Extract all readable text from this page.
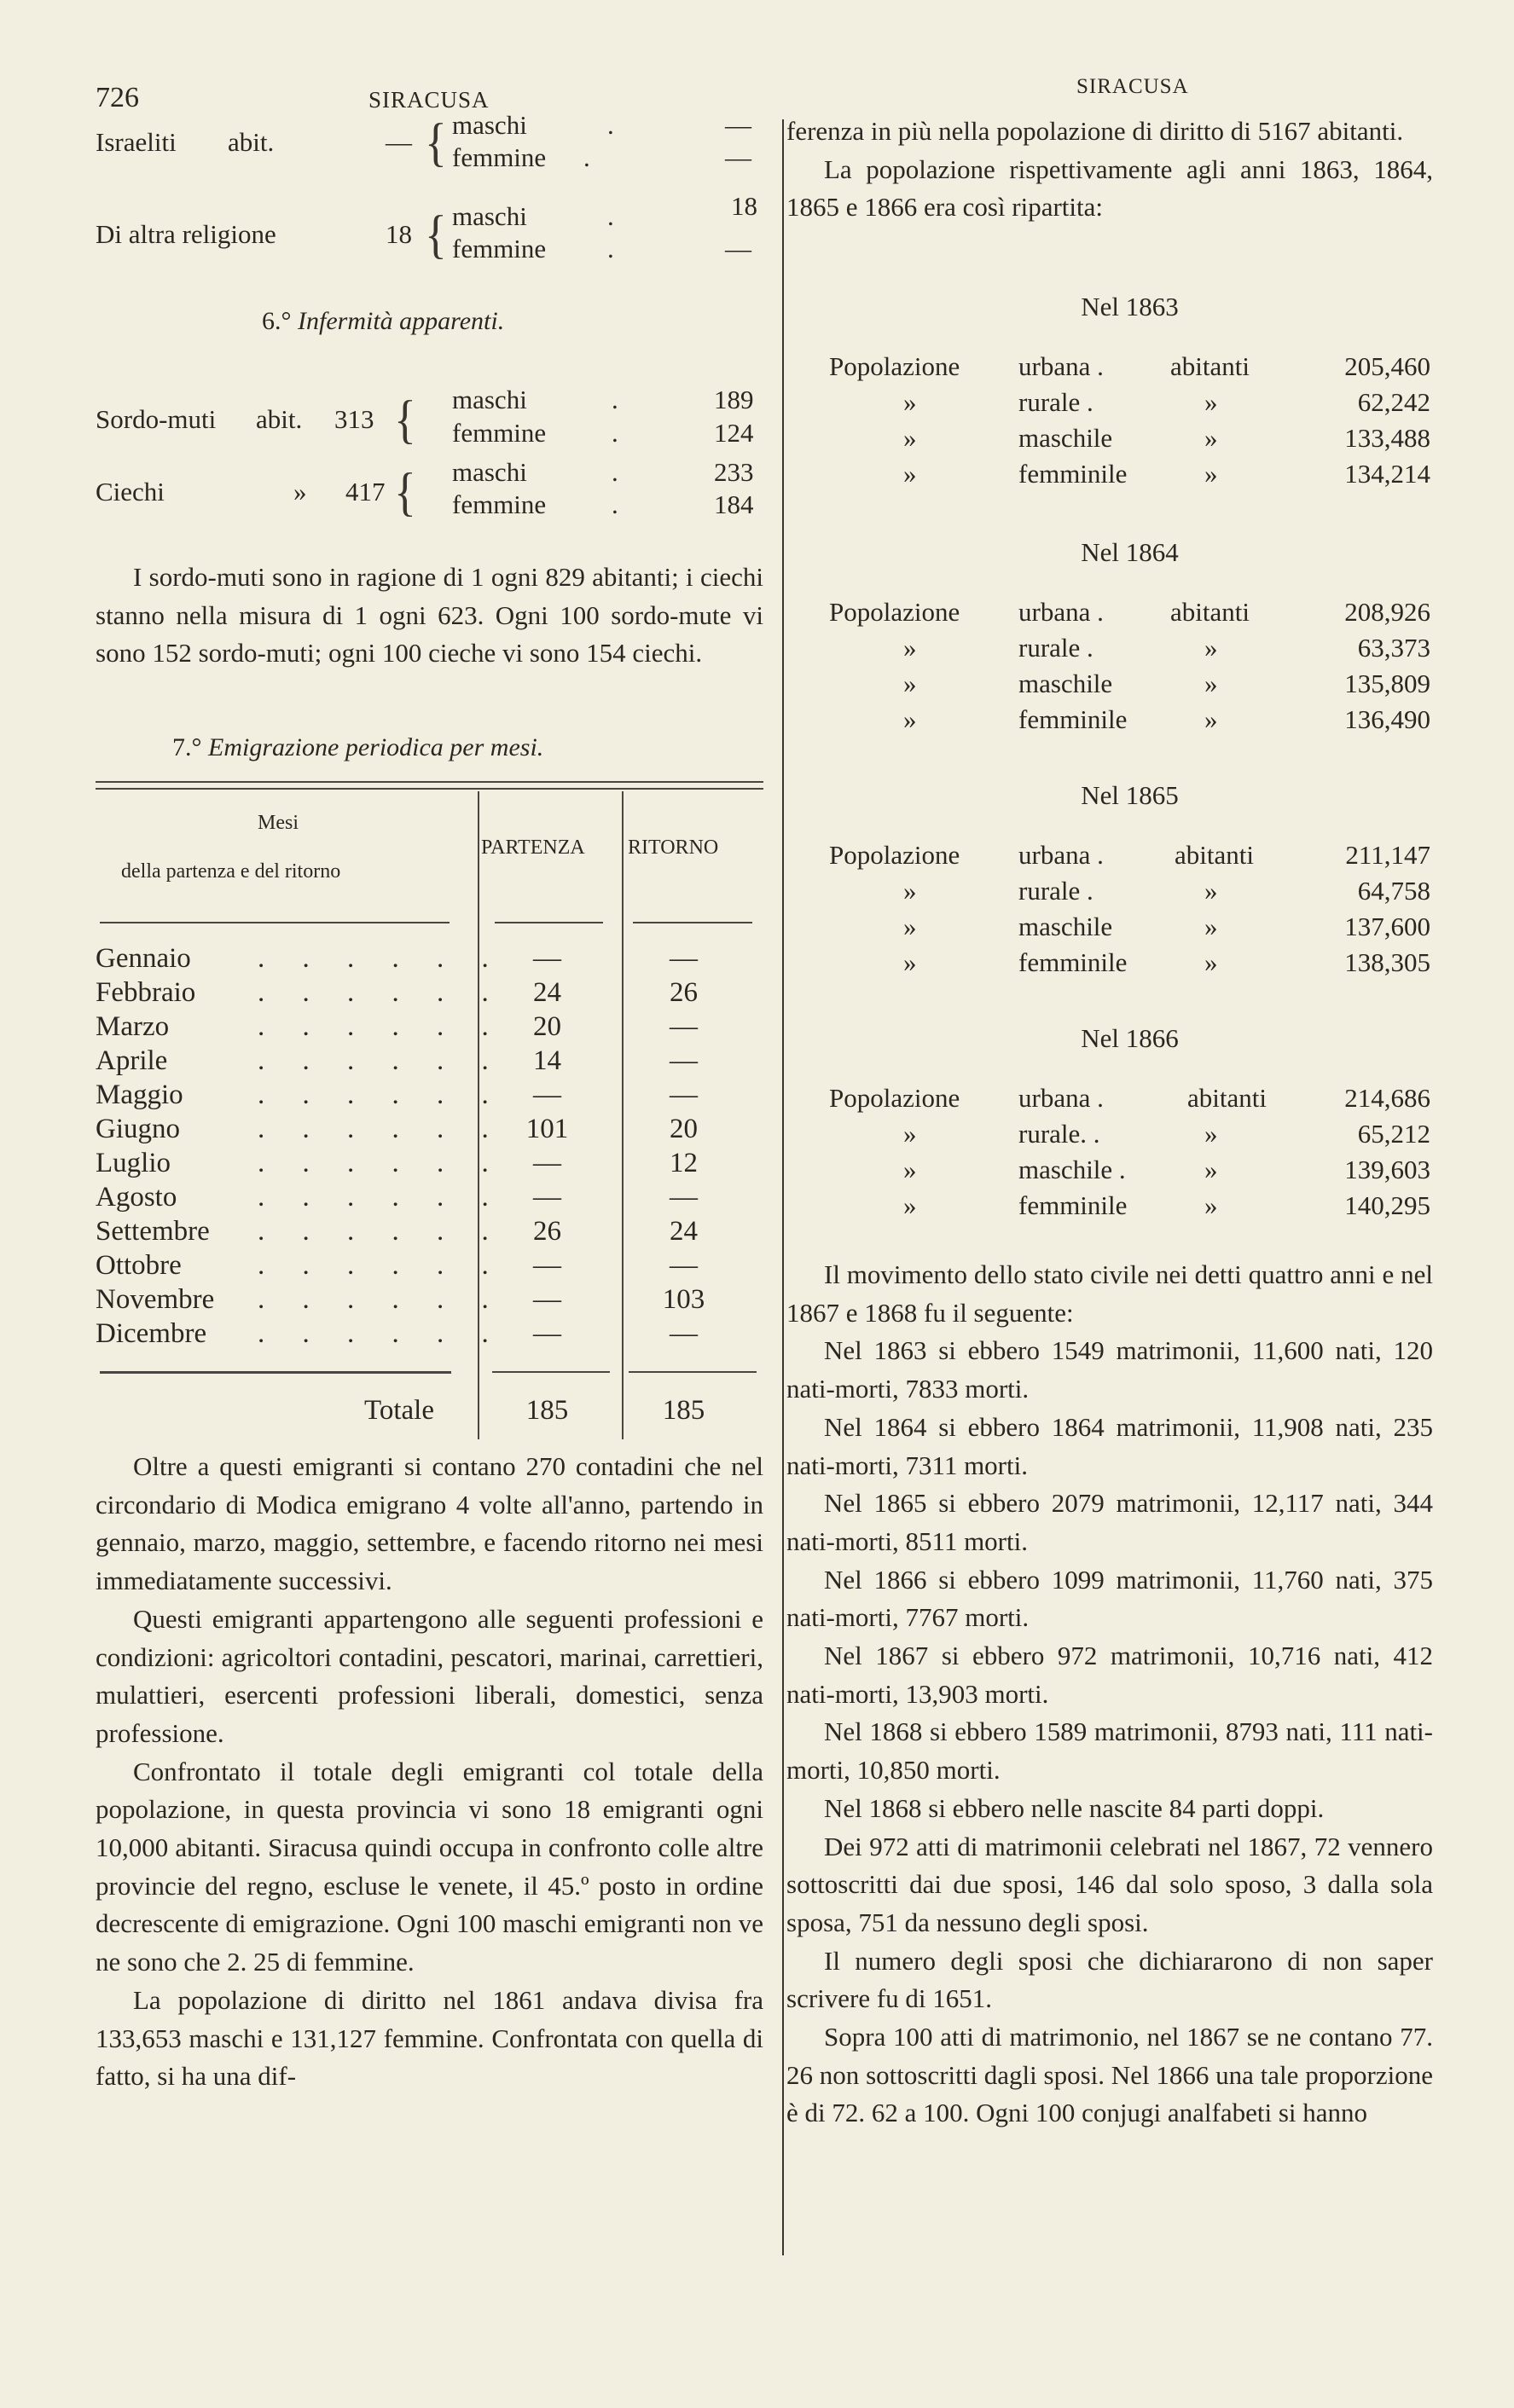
726	SIRACUSA
Israeliti abit.	— { maschi	.	—
femmine .	—
Di altra religione	18 { maschi	.	18
femmine .	—
6.° Infermità apparenti.
Sordo-muti abit. 313 { maschi	.	189
femmine .	124
Ciechi	» 417 { maschi	.	233
femmine .	184

I sordo-muti sono in ragione di 1 ogni 829 abitanti; i ciechi stanno nella misura di 1 ogni 623. Ogni 100 sordo-mute vi sono 152 sordo-muti; ogni 100 cieche vi sono 154 ciechi.

7.° Emigrazione periodica per mesi.
Mesi
della partenza e del ritorno
PARTENZA RITORNO
Gennaio . . . . . .	—	—
Febbraio . . . . . .	24	26
Marzo	. . . . . .	20	—
Aprile	. . . . . .	14	—
Maggio	. . . . . .	—	—
Giugno	. . . . . . 101	20
Luglio	. . . . . .	—	12
Agosto	. . . . . .	—	—
Settembre . . . . . .	26	24
Ottobre	. . . . . .	—	—
Novembre . . . . . .	—	103
Dicembre . . . . . .	—	—
Totale	185	185

Oltre a questi emigranti si contano 270 contadini che nel circondario di Modica emigrano 4 volte all'anno, partendo in gennaio, marzo, maggio, settembre, e facendo ritorno nei mesi immediatamente successivi.

Questi emigranti appartengono alle seguenti professioni e condizioni: agricoltori contadini, pescatori, marinai, carrettieri, mulattieri, esercenti professioni liberali, domestici, senza professione.

Confrontato il totale degli emigranti col totale della popolazione, in questa provincia vi sono 18 emigranti ogni 10,000 abitanti. Siracusa quindi occupa in confronto colle altre provincie del regno, escluse le venete, il 45.º posto in ordine decrescente di emigrazione. Ogni 100 maschi emigranti non ve ne sono che 2. 25 di femmine.

La popolazione di diritto nel 1861 andava divisa fra 133,653 maschi e 131,127 femmine. Confrontata con quella di fatto, si ha una dif-

SIRACUSA

ferenza in più nella popolazione di diritto di 5167 abitanti.

La popolazione rispettivamente agli anni 1863, 1864, 1865 e 1866 era così ripartita:

Nel 1863
Popolazione urbana .	abitanti	205,460
»	rurale .	»	62,242
»	maschile	»	133,488
»	femminile	»	134,214
Nel 1864
Popolazione urbana .	abitanti	208,926
»	rurale .	»	63,373
»	maschile	»	135,809
»	femminile	»	136,490
Nel 1865
Popolazione urbana .	abitanti	211,147
»	rurale .	»	64,758
»	maschile	»	137,600
»	femminile	»	138,305
Nel 1866
Popolazione urbana .	abitanti	214,686
»	rurale. .	»	65,212
»	maschile .	»	139,603
»	femminile	»	140,295

Il movimento dello stato civile nei detti quattro anni e nel 1867 e 1868 fu il seguente:

Nel 1863 si ebbero 1549 matrimonii, 11,600 nati, 120 nati-morti, 7833 morti.

Nel 1864 si ebbero 1864 matrimonii, 11,908 nati, 235 nati-morti, 7311 morti.

Nel 1865 si ebbero 2079 matrimonii, 12,117 nati, 344 nati-morti, 8511 morti.

Nel 1866 si ebbero 1099 matrimonii, 11,760 nati, 375 nati-morti, 7767 morti.

Nel 1867 si ebbero 972 matrimonii, 10,716 nati, 412 nati-morti, 13,903 morti.

Nel 1868 si ebbero 1589 matrimonii, 8793 nati, 111 nati-morti, 10,850 morti.

Nel 1868 si ebbero nelle nascite 84 parti doppi.

Dei 972 atti di matrimonii celebrati nel 1867, 72 vennero sottoscritti dai due sposi, 146 dal solo sposo, 3 dalla sola sposa, 751 da nessuno degli sposi.

Il numero degli sposi che dichiararono di non saper scrivere fu di 1651.

Sopra 100 atti di matrimonio, nel 1867 se ne contano 77. 26 non sottoscritti dagli sposi. Nel 1866 una tale proporzione è di 72. 62 a 100. Ogni 100 conjugi analfabeti si hanno
